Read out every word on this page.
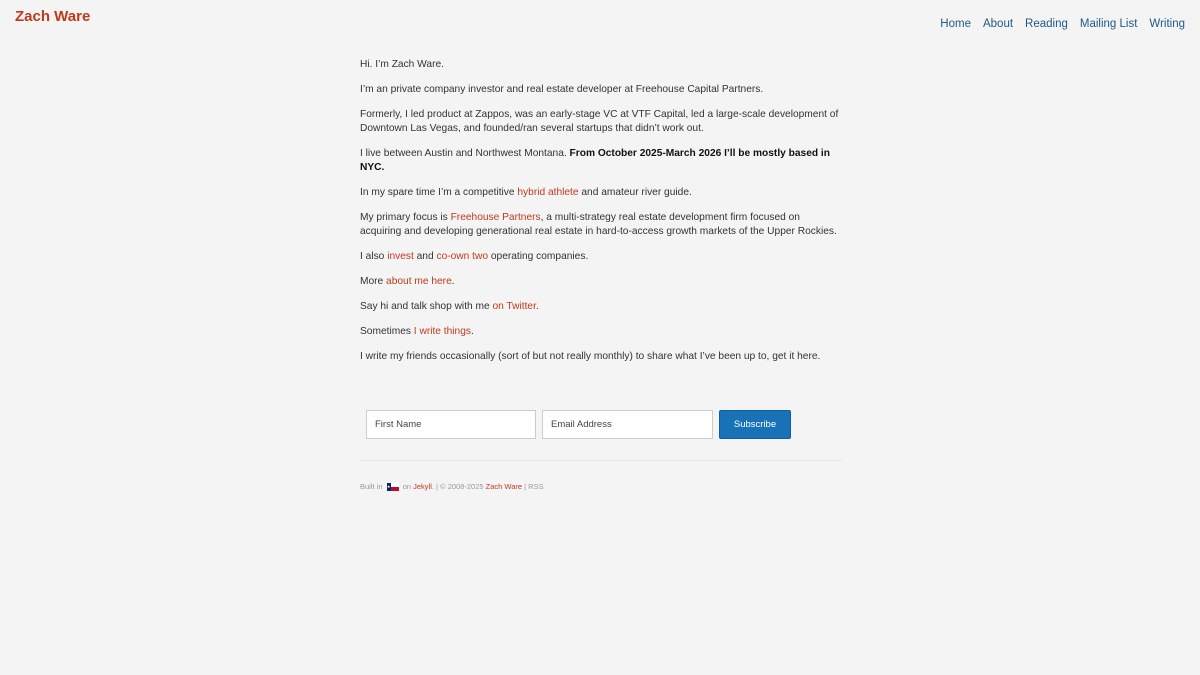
Zach Ware	Home About Reading Mailing List Writing

Hi. I’m Zach Ware.

I’m an private company investor and real estate developer at Freehouse Capital Partners.

Formerly, I led product at Zappos, was an early-stage VC at VTF Capital, led a large-scale development of Downtown Las Vegas, and founded/ran several startups that didn’t work out.

I live between Austin and Northwest Montana. From October 2025-March 2026 I’ll be mostly based in NYC.

In my spare time I’m a competitive hybrid athlete and amateur river guide.

My primary focus is Freehouse Partners, a multi-strategy real estate development firm focused on acquiring and developing generational real estate in hard-to-access growth markets of the Upper Rockies.

I also invest and co-own two operating companies.

More about me here.

Say hi and talk shop with me on Twitter.

Sometimes I write things.

I write my friends occasionally (sort of but not really monthly) to share what I’ve been up to, get it here.

First Name
Email Address
Subscribe
Built in

★

on Jekyll . | © 2008-2025 Zach Ware | RSS
